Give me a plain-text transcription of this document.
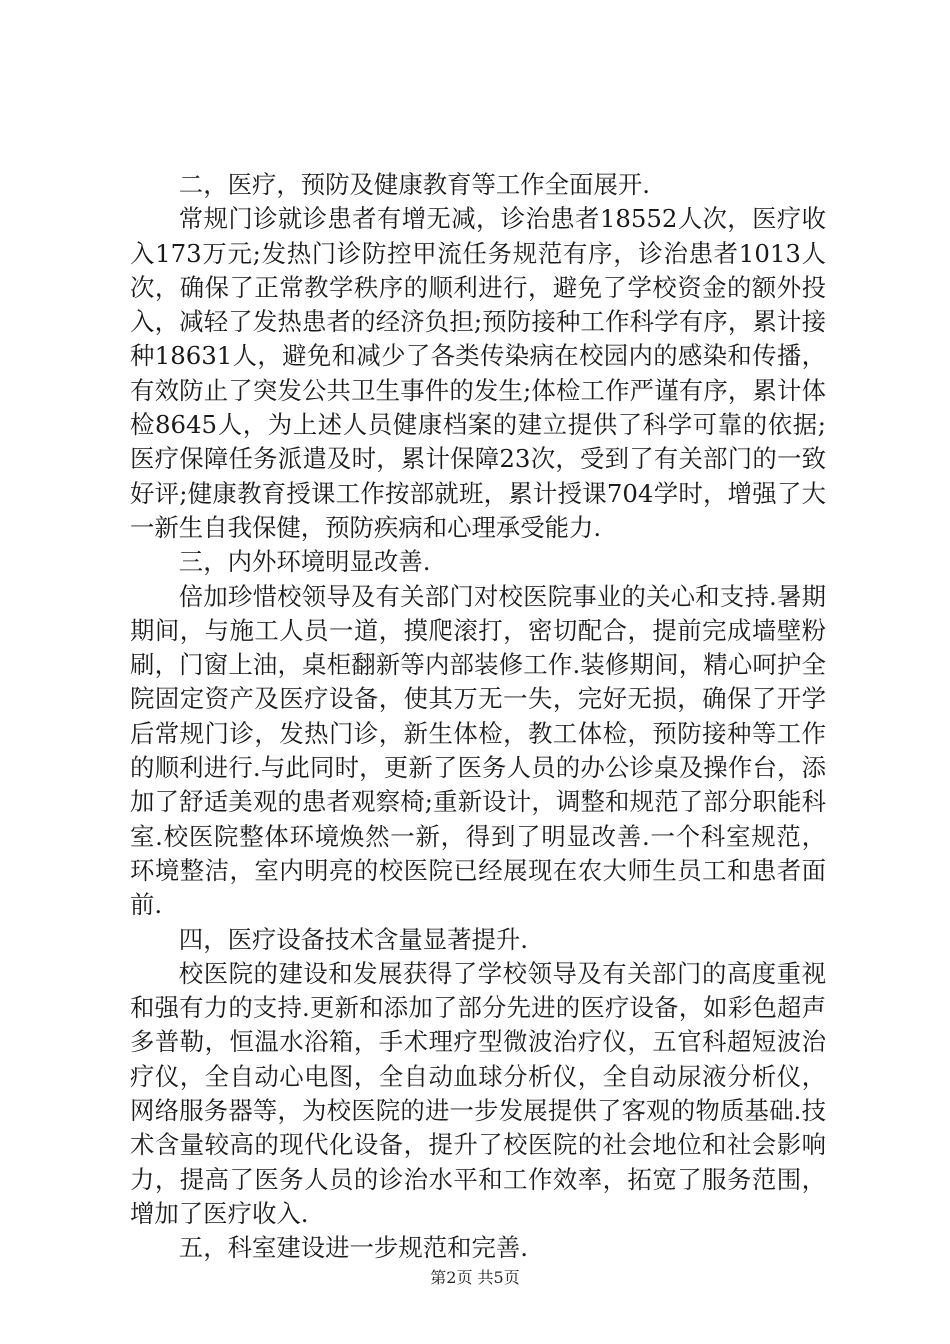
二，医疗，预防及健康教育等工作全面展开.

常规门诊就诊患者有增无减，诊治患者18552人次，医疗收入173万元;发热门诊防控甲流任务规范有序，诊治患者1013人次，确保了正常教学秩序的顺利进行，避免了学校资金的额外投入，减轻了发热患者的经济负担;预防接种工作科学有序，累计接种18631人，避免和减少了各类传染病在校园内的感染和传播，有效防止了突发公共卫生事件的发生;体检工作严谨有序，累计体检8645人，为上述人员健康档案的建立提供了科学可靠的依据;医疗保障任务派遣及时，累计保障23次，受到了有关部门的一致好评;健康教育授课工作按部就班，累计授课704学时，增强了大一新生自我保健，预防疾病和心理承受能力.

三，内外环境明显改善.

倍加珍惜校领导及有关部门对校医院事业的关心和支持.暑期期间，与施工人员一道，摸爬滚打，密切配合，提前完成墙壁粉刷，门窗上油，桌柜翻新等内部装修工作.装修期间，精心呵护全院固定资产及医疗设备，使其万无一失，完好无损，确保了开学后常规门诊，发热门诊，新生体检，教工体检，预防接种等工作的顺利进行.与此同时，更新了医务人员的办公诊桌及操作台，添加了舒适美观的患者观察椅;重新设计，调整和规范了部分职能科室.校医院整体环境焕然一新，得到了明显改善.一个科室规范，环境整洁，室内明亮的校医院已经展现在农大师生员工和患者面前.

四，医疗设备技术含量显著提升.

校医院的建设和发展获得了学校领导及有关部门的高度重视和强有力的支持.更新和添加了部分先进的医疗设备，如彩色超声多普勒，恒温水浴箱，手术理疗型微波治疗仪，五官科超短波治疗仪，全自动心电图，全自动血球分析仪，全自动尿液分析仪，网络服务器等，为校医院的进一步发展提供了客观的物质基础.技术含量较高的现代化设备，提升了校医院的社会地位和社会影响力，提高了医务人员的诊治水平和工作效率，拓宽了服务范围，增加了医疗收入.

五，科室建设进一步规范和完善.

第2页 共5页
